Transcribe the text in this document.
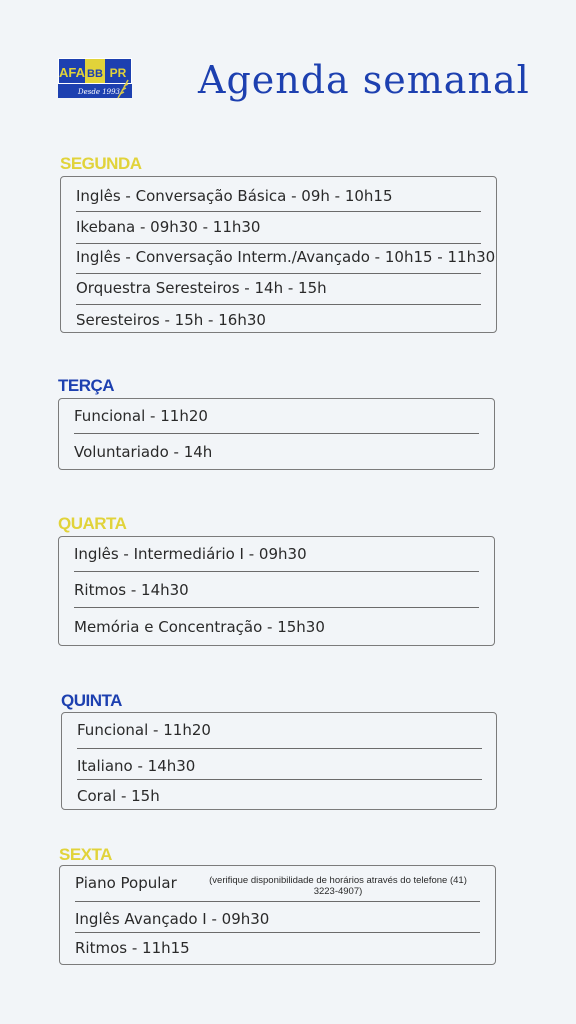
AFA BB PR
Desde 1993 Agenda semanal
SEGUNDA
Inglês - Conversação Básica - 09h - 10h15
Ikebana - 09h30 - 11h30
Inglês - Conversação Interm./Avançado - 10h15 - 11h30
Orquestra Seresteiros - 14h - 15h
Seresteiros - 15h - 16h30
TERÇA
Funcional - 11h20
Voluntariado - 14h
QUARTA
Inglês - Intermediário I - 09h30
Ritmos - 14h30
Memória e Concentração - 15h30
QUINTA
Funcional - 11h20
Italiano - 14h30
Coral - 15h
SEXTA
Piano Popular	(verifique disponibilidade de horários através do telefone (41) 3223-4907)
Inglês Avançado I - 09h30
Ritmos - 11h15
